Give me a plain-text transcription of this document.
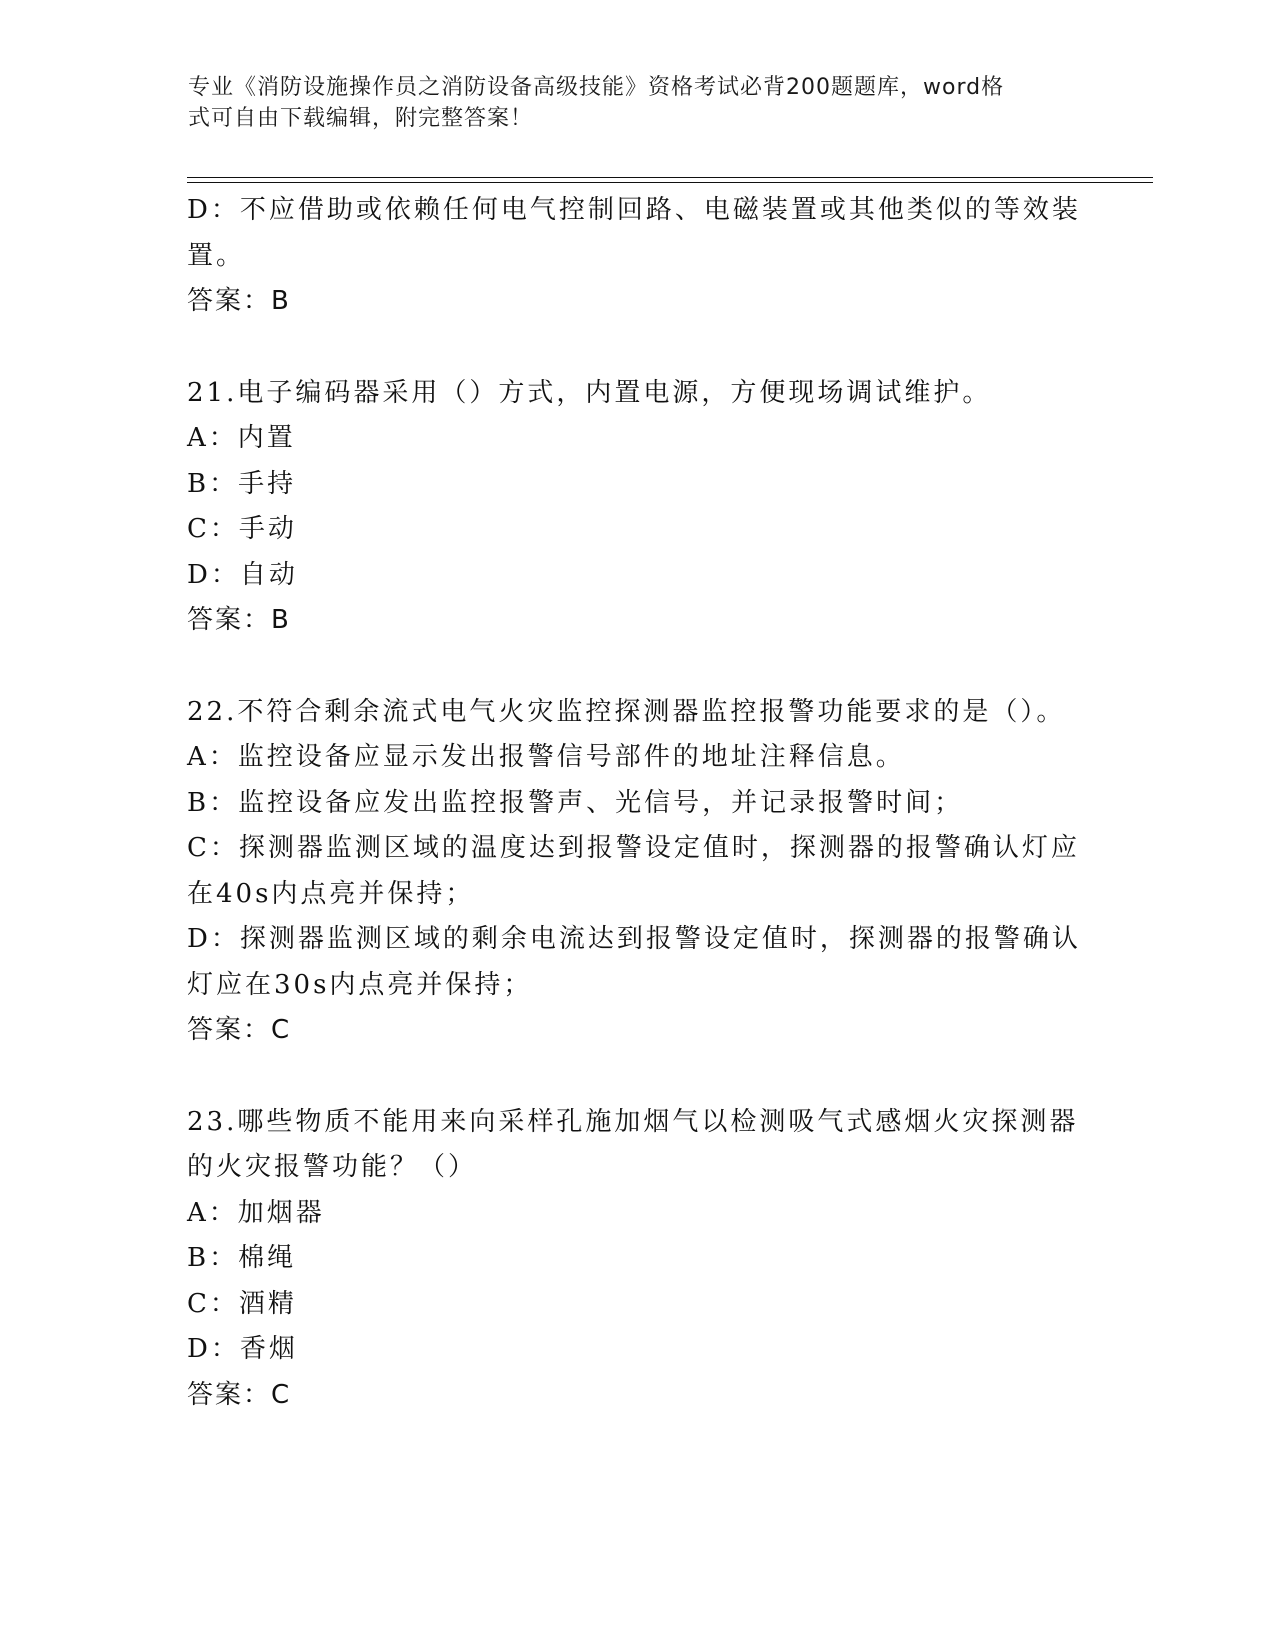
专业《消防设施操作员之消防设备高级技能》资格考试必背200题题库，word格
式可自由下载编辑，附完整答案！
D：不应借助或依赖任何电气控制回路、电磁装置或其他类似的等效装
置。
答案：B
21.电子编码器采用（）方式，内置电源，方便现场调试维护。
A：内置
B：手持
C：手动
D：自动
答案：B
22.不符合剩余流式电气火灾监控探测器监控报警功能要求的是（）。
A：监控设备应显示发出报警信号部件的地址注释信息。
B：监控设备应发出监控报警声、光信号，并记录报警时间；
C：探测器监测区域的温度达到报警设定值时，探测器的报警确认灯应
在40s内点亮并保持；
D：探测器监测区域的剩余电流达到报警设定值时，探测器的报警确认
灯应在30s内点亮并保持；
答案：C
23.哪些物质不能用来向采样孔施加烟气以检测吸气式感烟火灾探测器
的火灾报警功能？（）
A：加烟器
B：棉绳
C：酒精
D：香烟
答案：C
